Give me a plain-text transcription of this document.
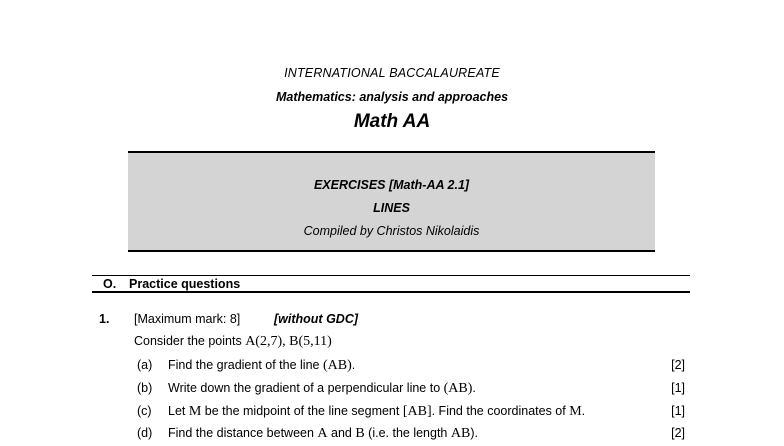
INTERNATIONAL BACCALAUREATE
Mathematics: analysis and approaches
Math AA
EXERCISES [Math-AA 2.1]
LINES
Compiled by Christos Nikolaidis
O. Practice questions
1. [Maximum mark: 8]	[without GDC]
Consider the points A(2,7), B(5,11)
(a) Find the gradient of the line (AB).	[2]
(b) Write down the gradient of a perpendicular line to (AB).	[1]
(c) Let M be the midpoint of the line segment [AB]. Find the coordinates of M.	[1]
(d) Find the distance between A and B (i.e. the length AB).	[2]
